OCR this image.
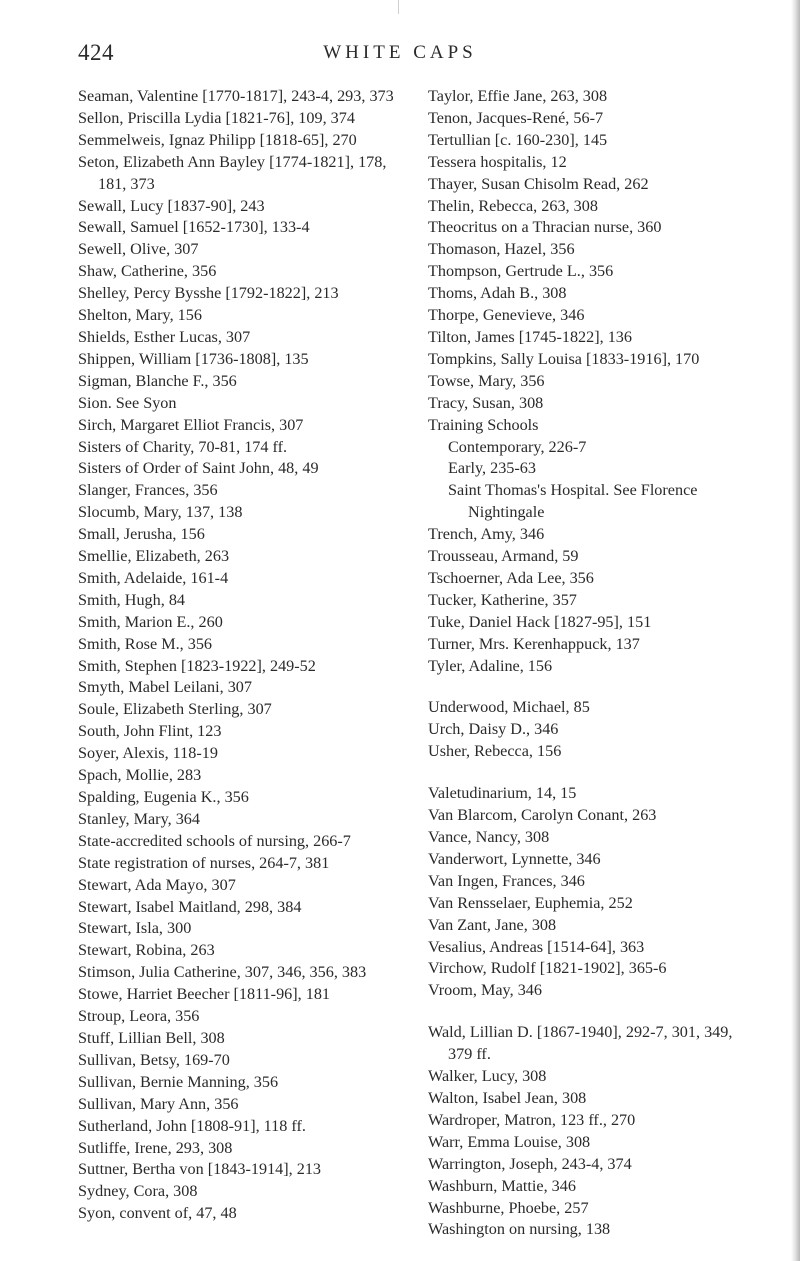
424	WHITE CAPS
Seaman, Valentine [1770-1817], 243-4, 293, 373
Sellon, Priscilla Lydia [1821-76], 109, 374
Semmelweis, Ignaz Philipp [1818-65], 270
Seton, Elizabeth Ann Bayley [1774-1821], 178, 181, 373
Sewall, Lucy [1837-90], 243
Sewall, Samuel [1652-1730], 133-4
Sewell, Olive, 307
Shaw, Catherine, 356
Shelley, Percy Bysshe [1792-1822], 213
Shelton, Mary, 156
Shields, Esther Lucas, 307
Shippen, William [1736-1808], 135
Sigman, Blanche F., 356
Sion. See Syon
Sirch, Margaret Elliot Francis, 307
Sisters of Charity, 70-81, 174 ff.
Sisters of Order of Saint John, 48, 49
Slanger, Frances, 356
Slocumb, Mary, 137, 138
Small, Jerusha, 156
Smellie, Elizabeth, 263
Smith, Adelaide, 161-4
Smith, Hugh, 84
Smith, Marion E., 260
Smith, Rose M., 356
Smith, Stephen [1823-1922], 249-52
Smyth, Mabel Leilani, 307
Soule, Elizabeth Sterling, 307
South, John Flint, 123
Soyer, Alexis, 118-19
Spach, Mollie, 283
Spalding, Eugenia K., 356
Stanley, Mary, 364
State-accredited schools of nursing, 266-7
State registration of nurses, 264-7, 381
Stewart, Ada Mayo, 307
Stewart, Isabel Maitland, 298, 384
Stewart, Isla, 300
Stewart, Robina, 263
Stimson, Julia Catherine, 307, 346, 356, 383
Stowe, Harriet Beecher [1811-96], 181
Stroup, Leora, 356
Stuff, Lillian Bell, 308
Sullivan, Betsy, 169-70
Sullivan, Bernie Manning, 356
Sullivan, Mary Ann, 356
Sutherland, John [1808-91], 118 ff.
Sutliffe, Irene, 293, 308
Suttner, Bertha von [1843-1914], 213
Sydney, Cora, 308
Syon, convent of, 47, 48
Taylor, Effie Jane, 263, 308
Tenon, Jacques-René, 56-7
Tertullian [c. 160-230], 145
Tessera hospitalis, 12
Thayer, Susan Chisolm Read, 262
Thelin, Rebecca, 263, 308
Theocritus on a Thracian nurse, 360
Thomason, Hazel, 356
Thompson, Gertrude L., 356
Thoms, Adah B., 308
Thorpe, Genevieve, 346
Tilton, James [1745-1822], 136
Tompkins, Sally Louisa [1833-1916], 170
Towse, Mary, 356
Tracy, Susan, 308
Training Schools
Contemporary, 226-7
Early, 235-63
Saint Thomas's Hospital. See Florence Nightingale
Trench, Amy, 346
Trousseau, Armand, 59
Tschoerner, Ada Lee, 356
Tucker, Katherine, 357
Tuke, Daniel Hack [1827-95], 151
Turner, Mrs. Kerenhappuck, 137
Tyler, Adaline, 156
Underwood, Michael, 85
Urch, Daisy D., 346
Usher, Rebecca, 156
Valetudinarium, 14, 15
Van Blarcom, Carolyn Conant, 263
Vance, Nancy, 308
Vanderwort, Lynnette, 346
Van Ingen, Frances, 346
Van Rensselaer, Euphemia, 252
Van Zant, Jane, 308
Vesalius, Andreas [1514-64], 363
Virchow, Rudolf [1821-1902], 365-6
Vroom, May, 346
Wald, Lillian D. [1867-1940], 292-7, 301, 349, 379 ff.
Walker, Lucy, 308
Walton, Isabel Jean, 308
Wardroper, Matron, 123 ff., 270
Warr, Emma Louise, 308
Warrington, Joseph, 243-4, 374
Washburn, Mattie, 346
Washburne, Phoebe, 257
Washington on nursing, 138
